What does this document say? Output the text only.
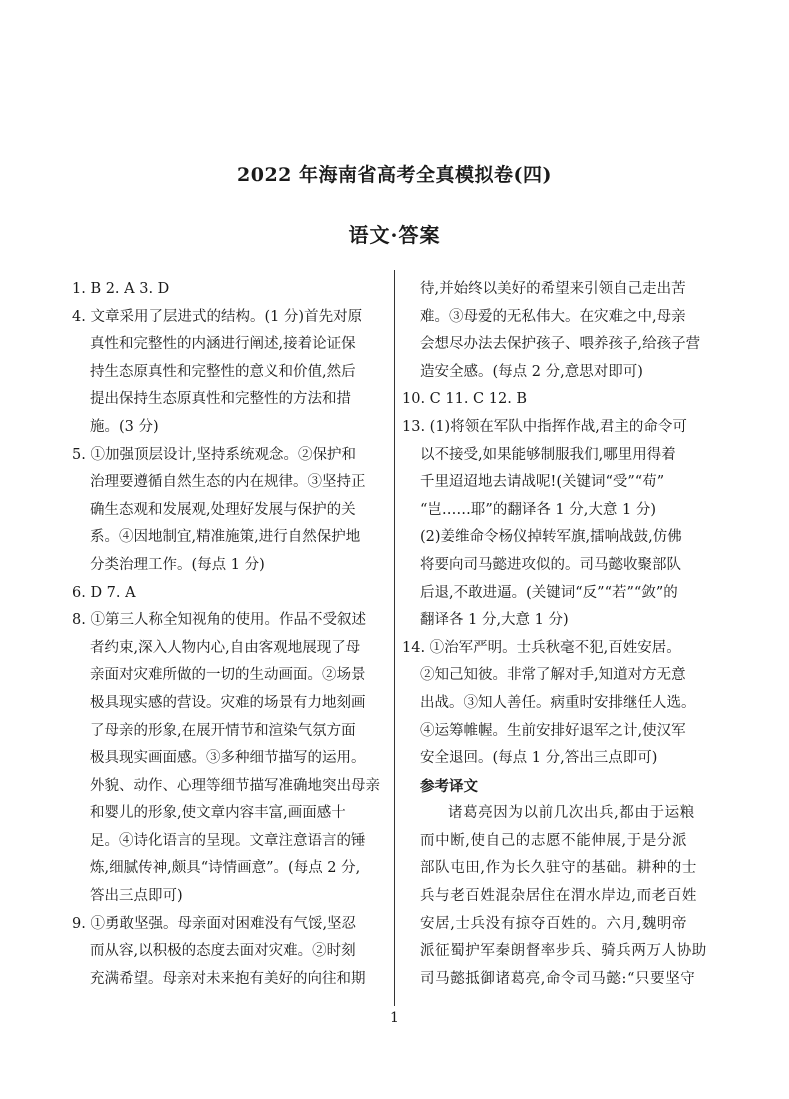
2022 年海南省高考全真模拟卷(四)
语文·答案
1. B 2. A 3. D
4. 文章采用了层进式的结构。(1 分)首先对原
真性和完整性的内涵进行阐述,接着论证保
持生态原真性和完整性的意义和价值,然后
提出保持生态原真性和完整性的方法和措
施。(3 分)
5. ①加强顶层设计,坚持系统观念。②保护和
治理要遵循自然生态的内在规律。③坚持正
确生态观和发展观,处理好发展与保护的关
系。④因地制宜,精准施策,进行自然保护地
分类治理工作。(每点 1 分)
6. D 7. A
8. ①第三人称全知视角的使用。作品不受叙述
者约束,深入人物内心,自由客观地展现了母
亲面对灾难所做的一切的生动画面。②场景
极具现实感的营设。灾难的场景有力地刻画
了母亲的形象,在展开情节和渲染气氛方面
极具现实画面感。③多种细节描写的运用。
外貌、动作、心理等细节描写准确地突出母亲
和婴儿的形象,使文章内容丰富,画面感十
足。④诗化语言的呈现。文章注意语言的锤
炼,细腻传神,颇具“诗情画意”。(每点 2 分,
答出三点即可)
9. ①勇敢坚强。母亲面对困难没有气馁,坚忍
而从容,以积极的态度去面对灾难。②时刻
充满希望。母亲对未来抱有美好的向往和期
待,并始终以美好的希望来引领自己走出苦
难。③母爱的无私伟大。在灾难之中,母亲
会想尽办法去保护孩子、喂养孩子,给孩子营
造安全感。(每点 2 分,意思对即可)
10. C 11. C 12. B
13. (1)将领在军队中指挥作战,君主的命令可
以不接受,如果能够制服我们,哪里用得着
千里迢迢地去请战呢!(关键词“受”“苟”
“岂……耶”的翻译各 1 分,大意 1 分)
(2)姜维命令杨仪掉转军旗,擂响战鼓,仿佛
将要向司马懿进攻似的。司马懿收聚部队
后退,不敢进逼。(关键词“反”“若”“敛”的
翻译各 1 分,大意 1 分)
14. ①治军严明。士兵秋毫不犯,百姓安居。
②知己知彼。非常了解对手,知道对方无意
出战。③知人善任。病重时安排继任人选。
④运筹帷幄。生前安排好退军之计,使汉军
安全退回。(每点 1 分,答出三点即可)
参考译文
诸葛亮因为以前几次出兵,都由于运粮
而中断,使自己的志愿不能伸展,于是分派
部队屯田,作为长久驻守的基础。耕种的士
兵与老百姓混杂居住在渭水岸边,而老百姓
安居,士兵没有掠夺百姓的。六月,魏明帝
派征蜀护军秦朗督率步兵、骑兵两万人协助
司马懿抵御诸葛亮,命令司马懿:“只要坚守
1
